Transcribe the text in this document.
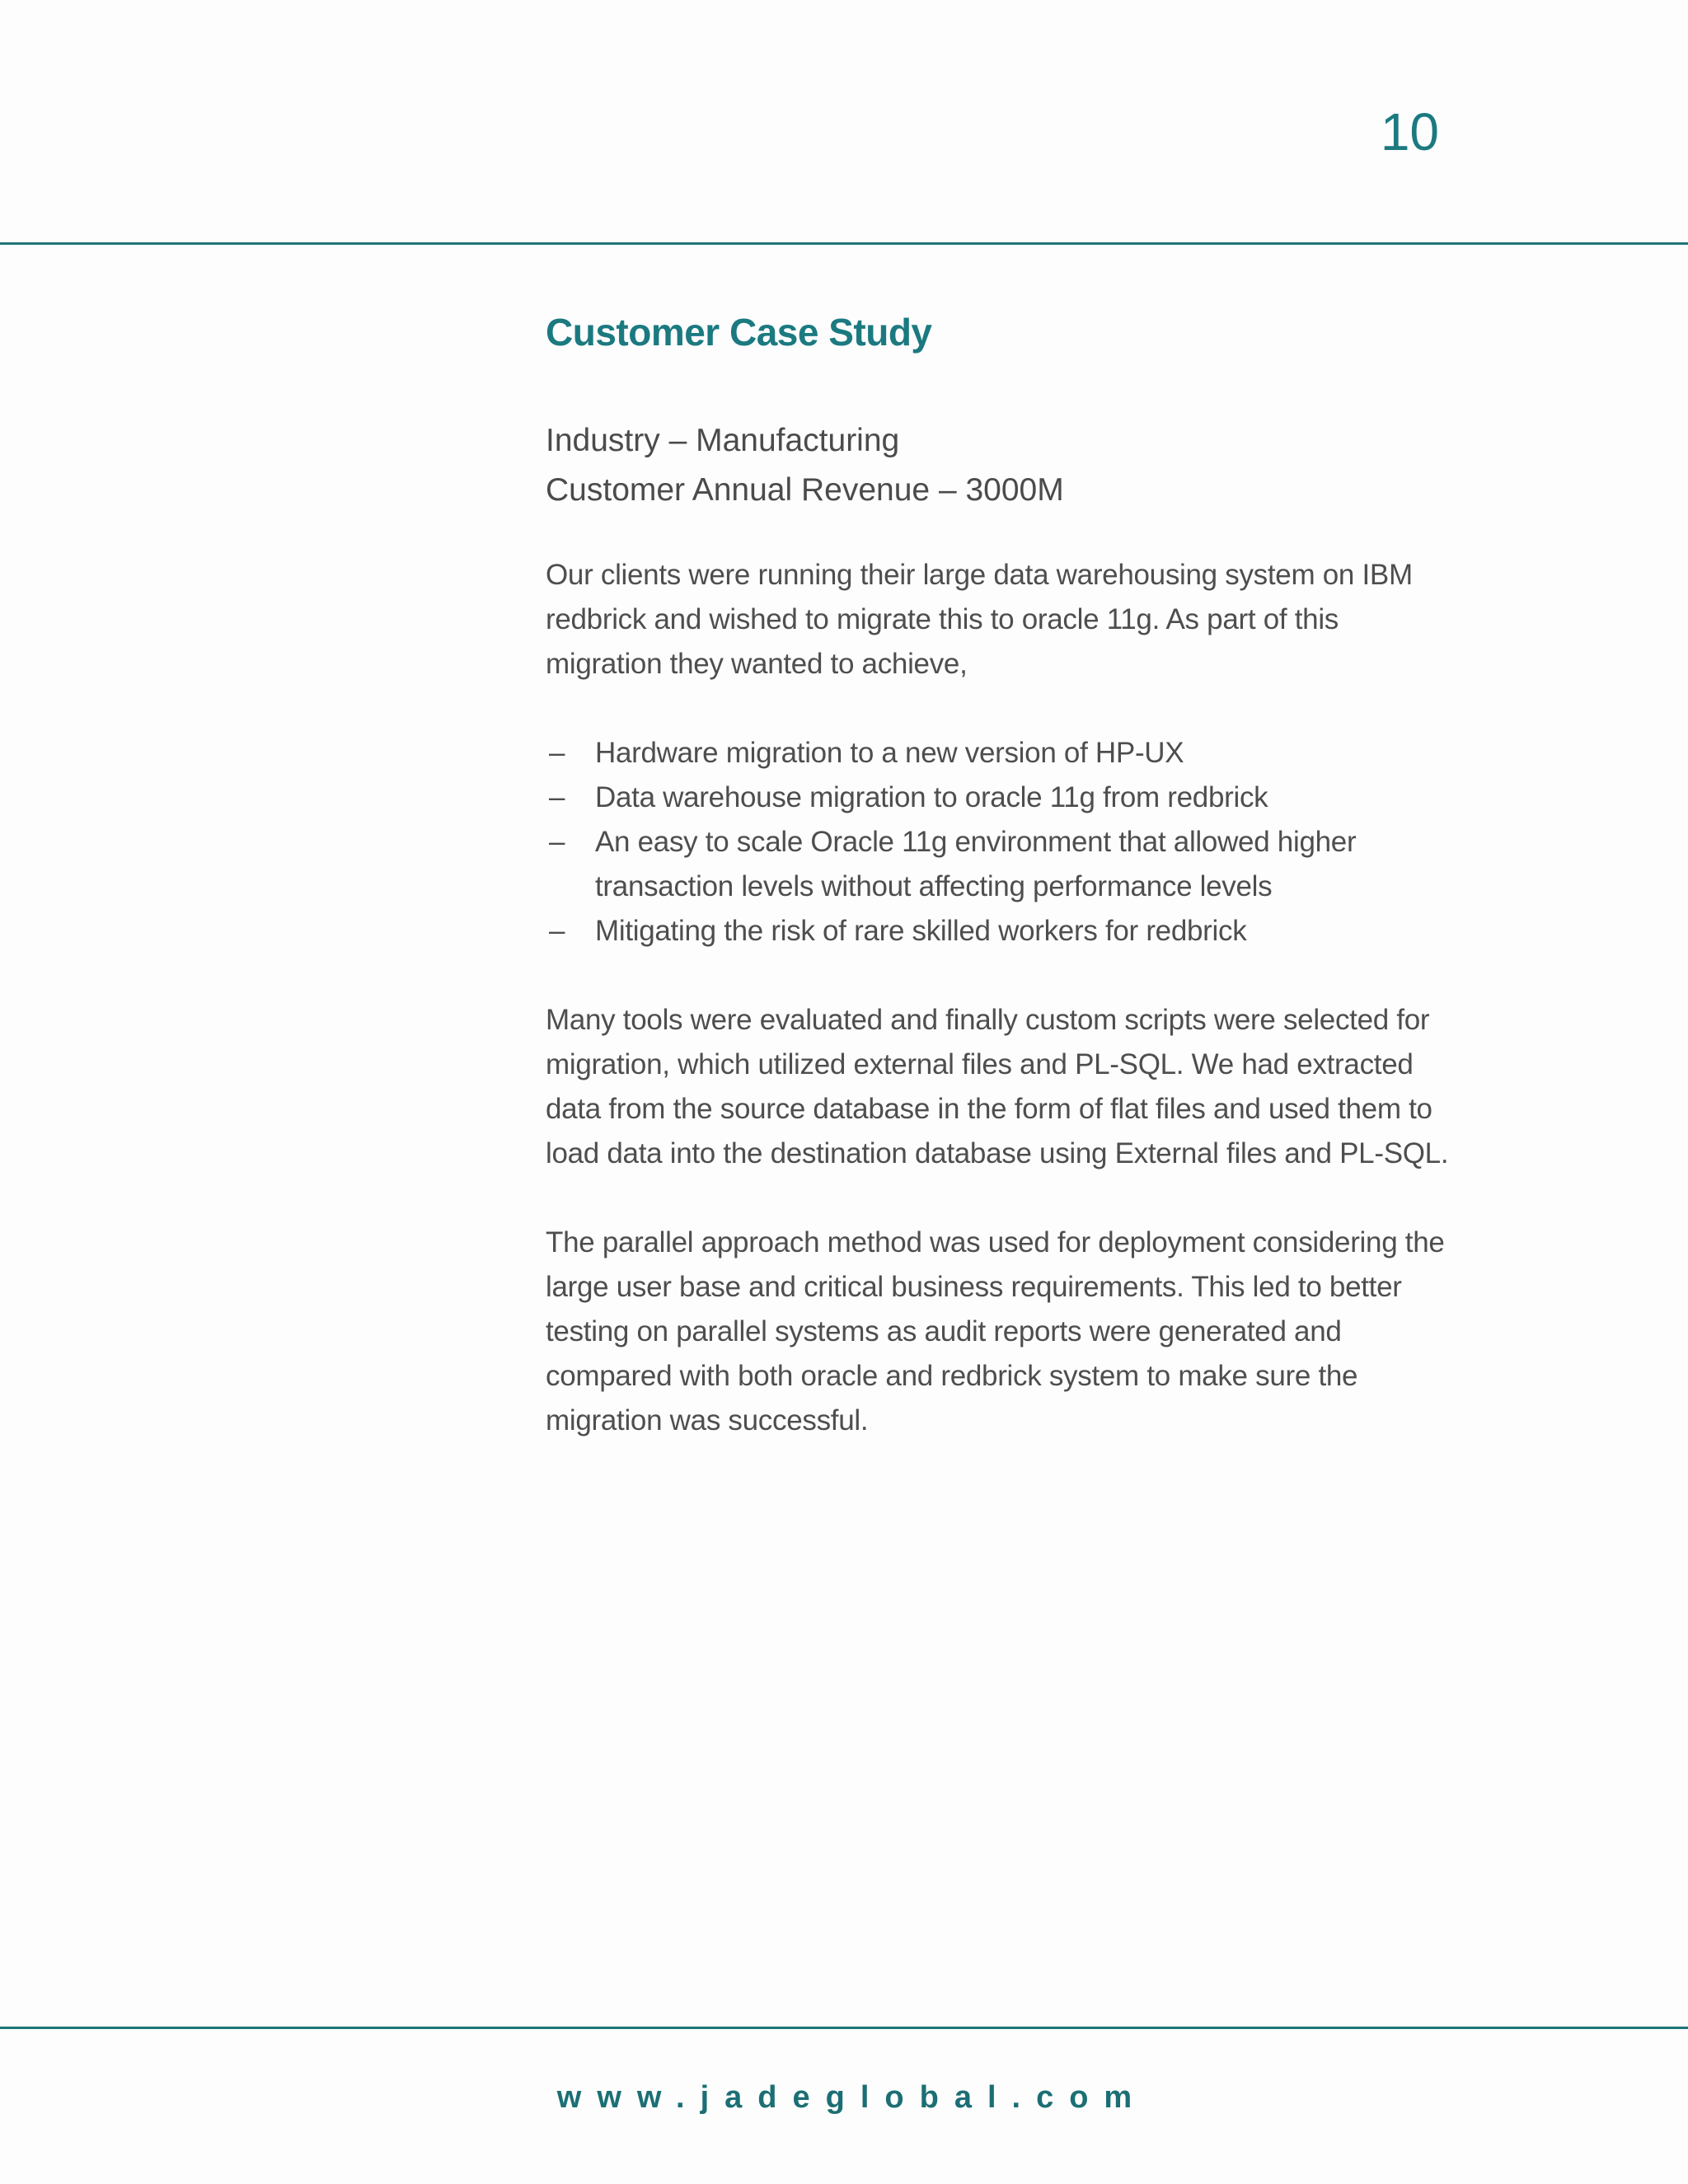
10
Customer Case Study
Industry – Manufacturing
Customer Annual Revenue – 3000M

Our clients were running their large data warehousing system on IBM redbrick and wished to migrate this to oracle 11g. As part of this migration they wanted to achieve,

– Hardware migration to a new version of HP-UX
– Data warehouse migration to oracle 11g from redbrick
– An easy to scale Oracle 11g environment that allowed higher transaction levels without affecting performance levels
– Mitigating the risk of rare skilled workers for redbrick

Many tools were evaluated and finally custom scripts were selected for migration, which utilized external files and PL-SQL. We had extracted data from the source database in the form of flat files and used them to load data into the destination database using External files and PL-SQL.

The parallel approach method was used for deployment considering the large user base and critical business requirements. This led to better testing on parallel systems as audit reports were generated and compared with both oracle and redbrick system to make sure the migration was successful.

www.jadeglobal.com
